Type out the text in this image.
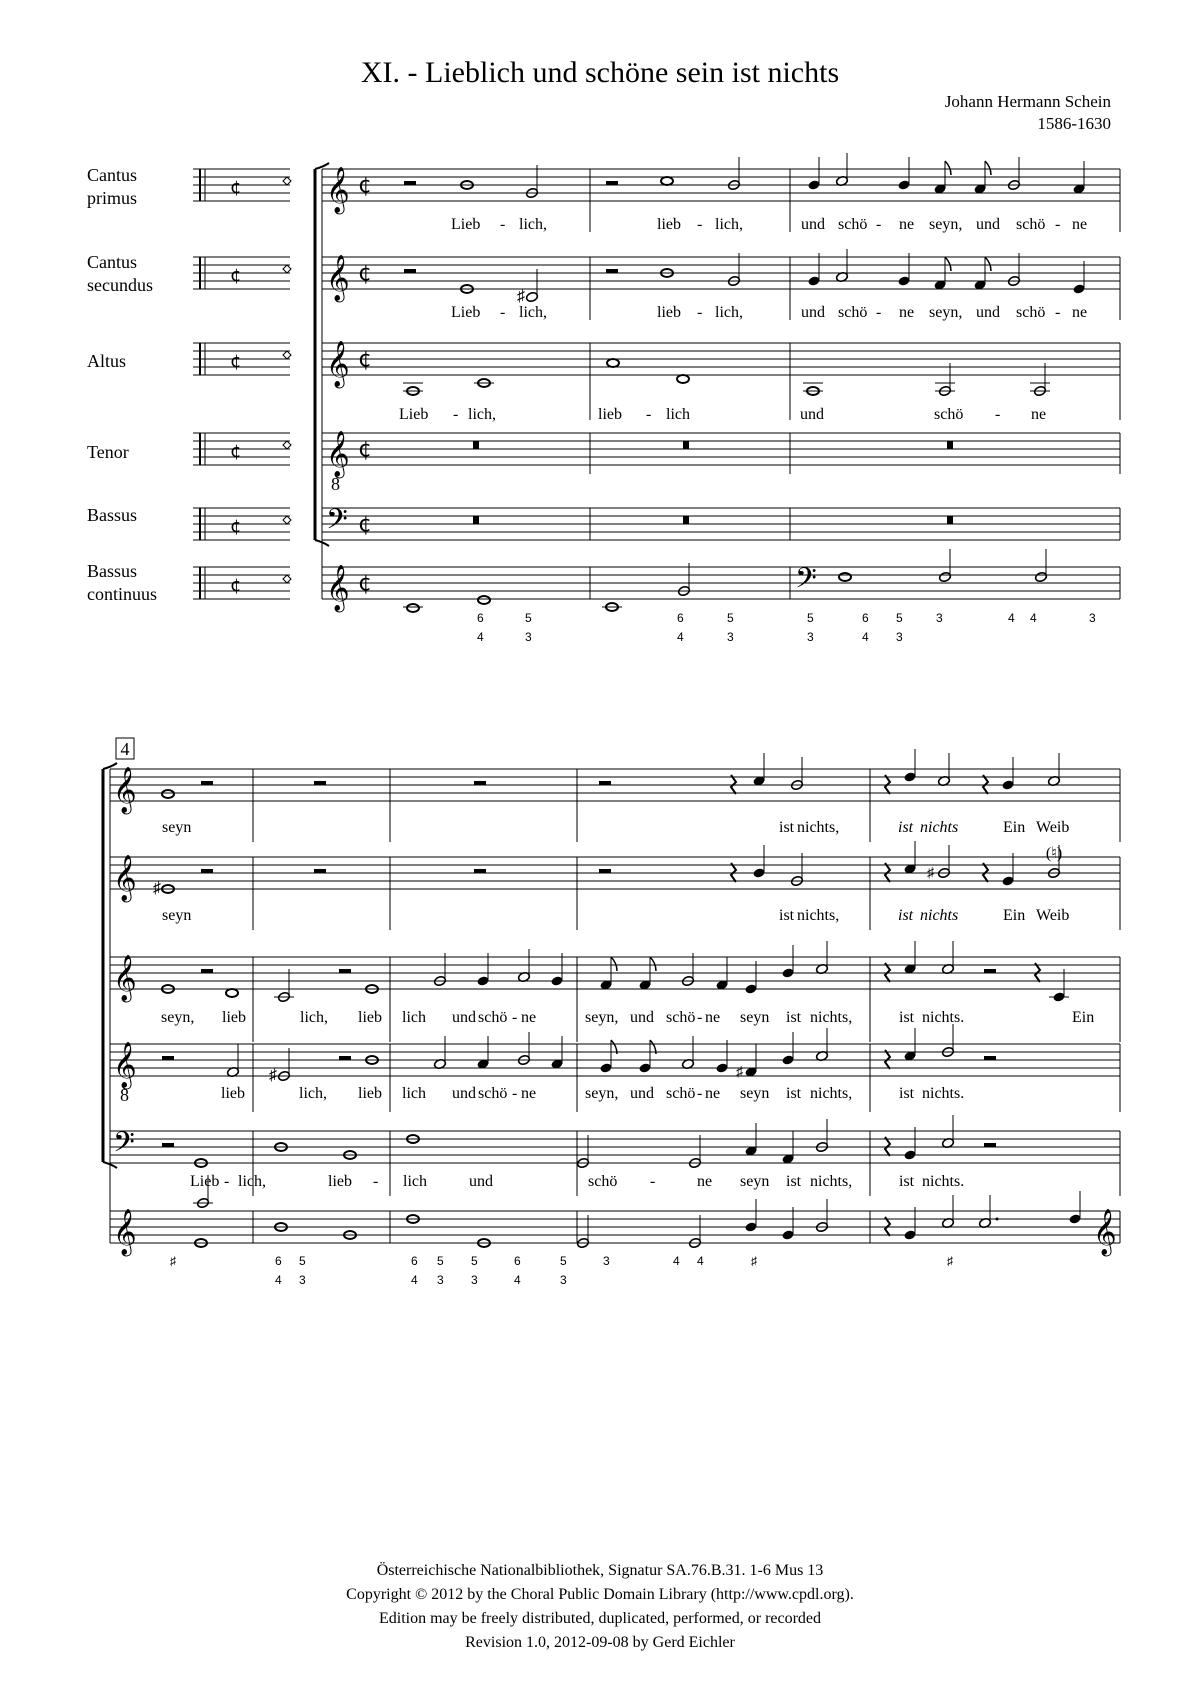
XI. - Lieblich und schöne sein ist nichts
Johann Hermann Schein
1586-1630
Cantus
primus	¢ 𝄞 ¢
Cantus
secundus	¢ 𝄞 ¢
Altus	¢ 𝄞 ¢
Tenor	¢ 𝄞 ¢
Bassus
¢ 𝄢 ¢
Bassus
continuus	¢ 𝄞 ¢
8
♯
𝄢
Lieb - lich,	lieb - lich,	und schö - ne seyn, und schö - ne
Lieb - lich,	lieb - lich,	und schö - ne seyn, und schö - ne
Lieb - lich,	lieb - lich	und	schö - ne
6	5	6	5	5	6 5	3	4 4	3
4	3	4	3	3	4 3
4
𝄞
𝄞
𝄞
𝄞
𝄢
𝄞
8
♯
♯
(♮)
♯	♯
𝄞
seyn	ist nichts,	ist nichts	Ein Weib
seyn	ist nichts,	ist nichts	Ein Weib
seyn, lieb	lich, lieb lich und schö - ne	seyn, und schö - ne seyn ist nichts,	ist nichts.	Ein
lieb	lich, lieb lich und schö - ne	seyn, und schö - ne seyn ist nichts,	ist nichts.
Lieb - lich,	lieb - lich	und	schö -	ne seyn ist nichts,	ist nichts.
♯	6 5	6 5 5	6	5	3	4 4	♯	♯
4 3	4 3 3	4	3
Österreichische Nationalbibliothek, Signatur SA.76.B.31. 1-6 Mus 13
Copyright © 2012 by the Choral Public Domain Library (http://www.cpdl.org).
Edition may be freely distributed, duplicated, performed, or recorded
Revision 1.0, 2012-09-08 by Gerd Eichler
